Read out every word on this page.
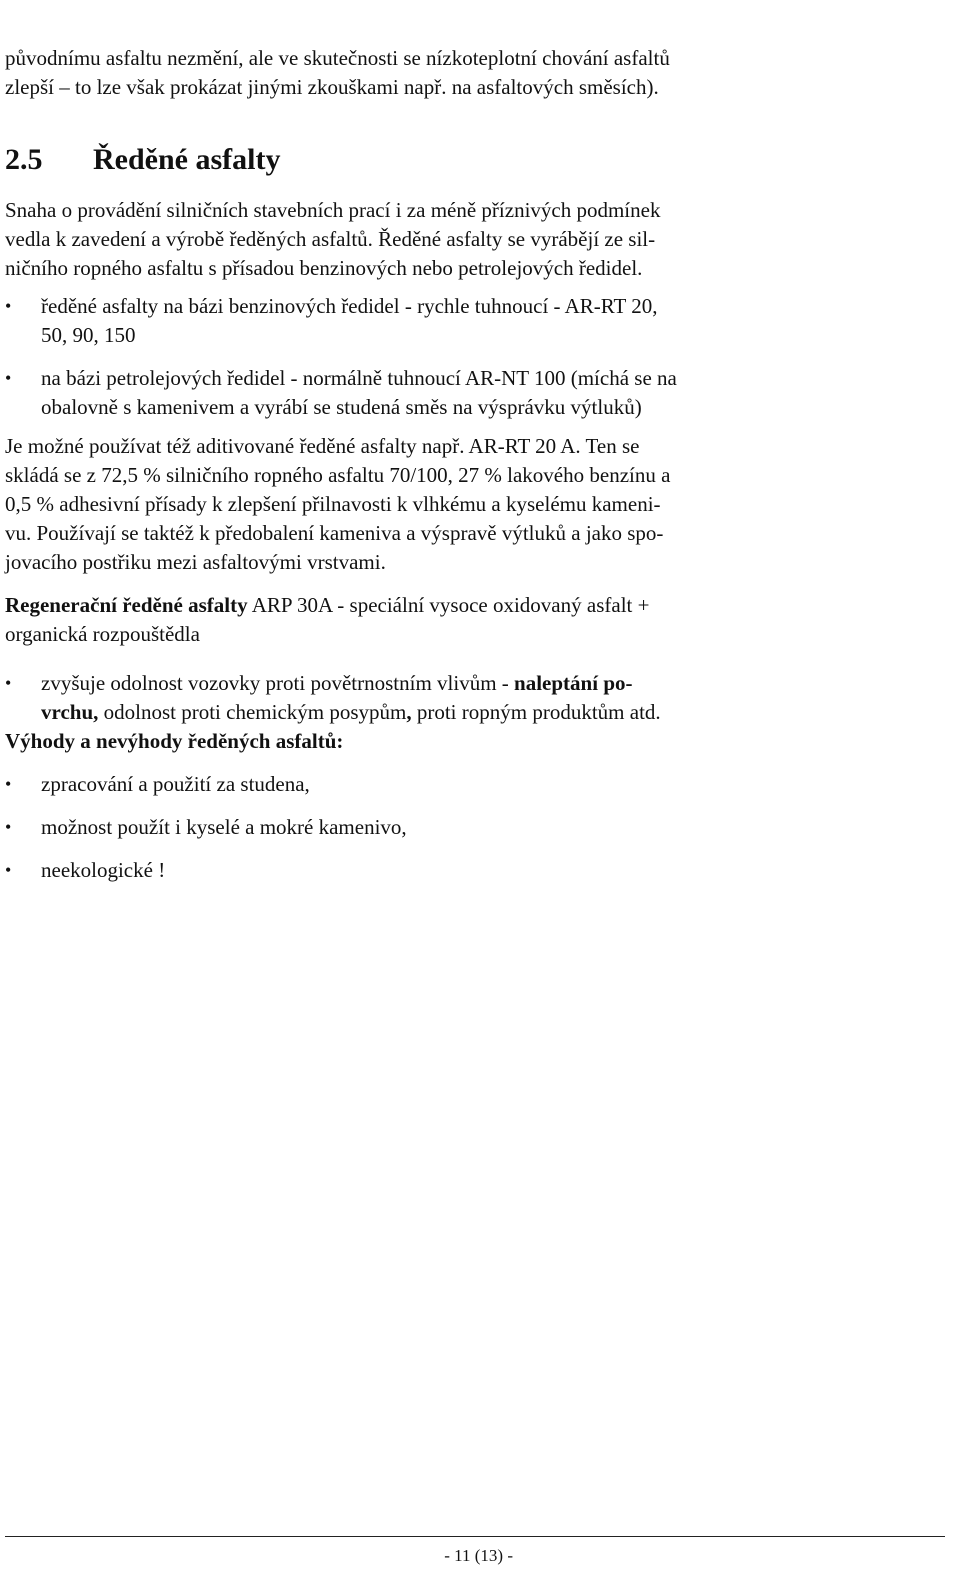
původnímu asfaltu nezmění, ale ve skutečnosti se nízkoteplotní chování asfaltů
zlepší – to lze však prokázat jinými zkouškami např. na asfaltových směsích).

2.5	Ředěné asfalty

Snaha o provádění silničních stavebních prací i za méně příznivých podmínek
vedla k zavedení a výrobě ředěných asfaltů. Ředěné asfalty se vyrábějí ze sil-
ničního ropného asfaltu s přísadou benzinových nebo petrolejových ředidel.

•	ředěné asfalty na bázi benzinových ředidel - rychle tuhnoucí - AR-RT 20,
50, 90, 150
•	na bázi petrolejových ředidel - normálně tuhnoucí AR-NT 100 (míchá se na
obalovně s kamenivem a vyrábí se studená směs na výsprávku výtluků)

Je možné používat též aditivované ředěné asfalty např. AR-RT 20 A. Ten se
skládá se z 72,5 % silničního ropného asfaltu 70/100, 27 % lakového benzínu a
0,5 % adhesivní přísady k zlepšení přilnavosti k vlhkému a kyselému kameni-
vu. Používají se taktéž k předobalení kameniva a výspravě výtluků a jako spo-
jovacího postřiku mezi asfaltovými vrstvami.

Regenerační ředěné asfalty ARP 30A - speciální vysoce oxidovaný asfalt +
organická rozpouštědla

•	zvyšuje odolnost vozovky proti povětrnostním vlivům - naleptání po-
vrchu, odolnost proti chemickým posypům, proti ropným produktům atd.

Výhody a nevýhody ředěných asfaltů:

•	zpracování a použití za studena,
•	možnost použít i kyselé a mokré kamenivo,
•	neekologické !
- 11 (13) -
